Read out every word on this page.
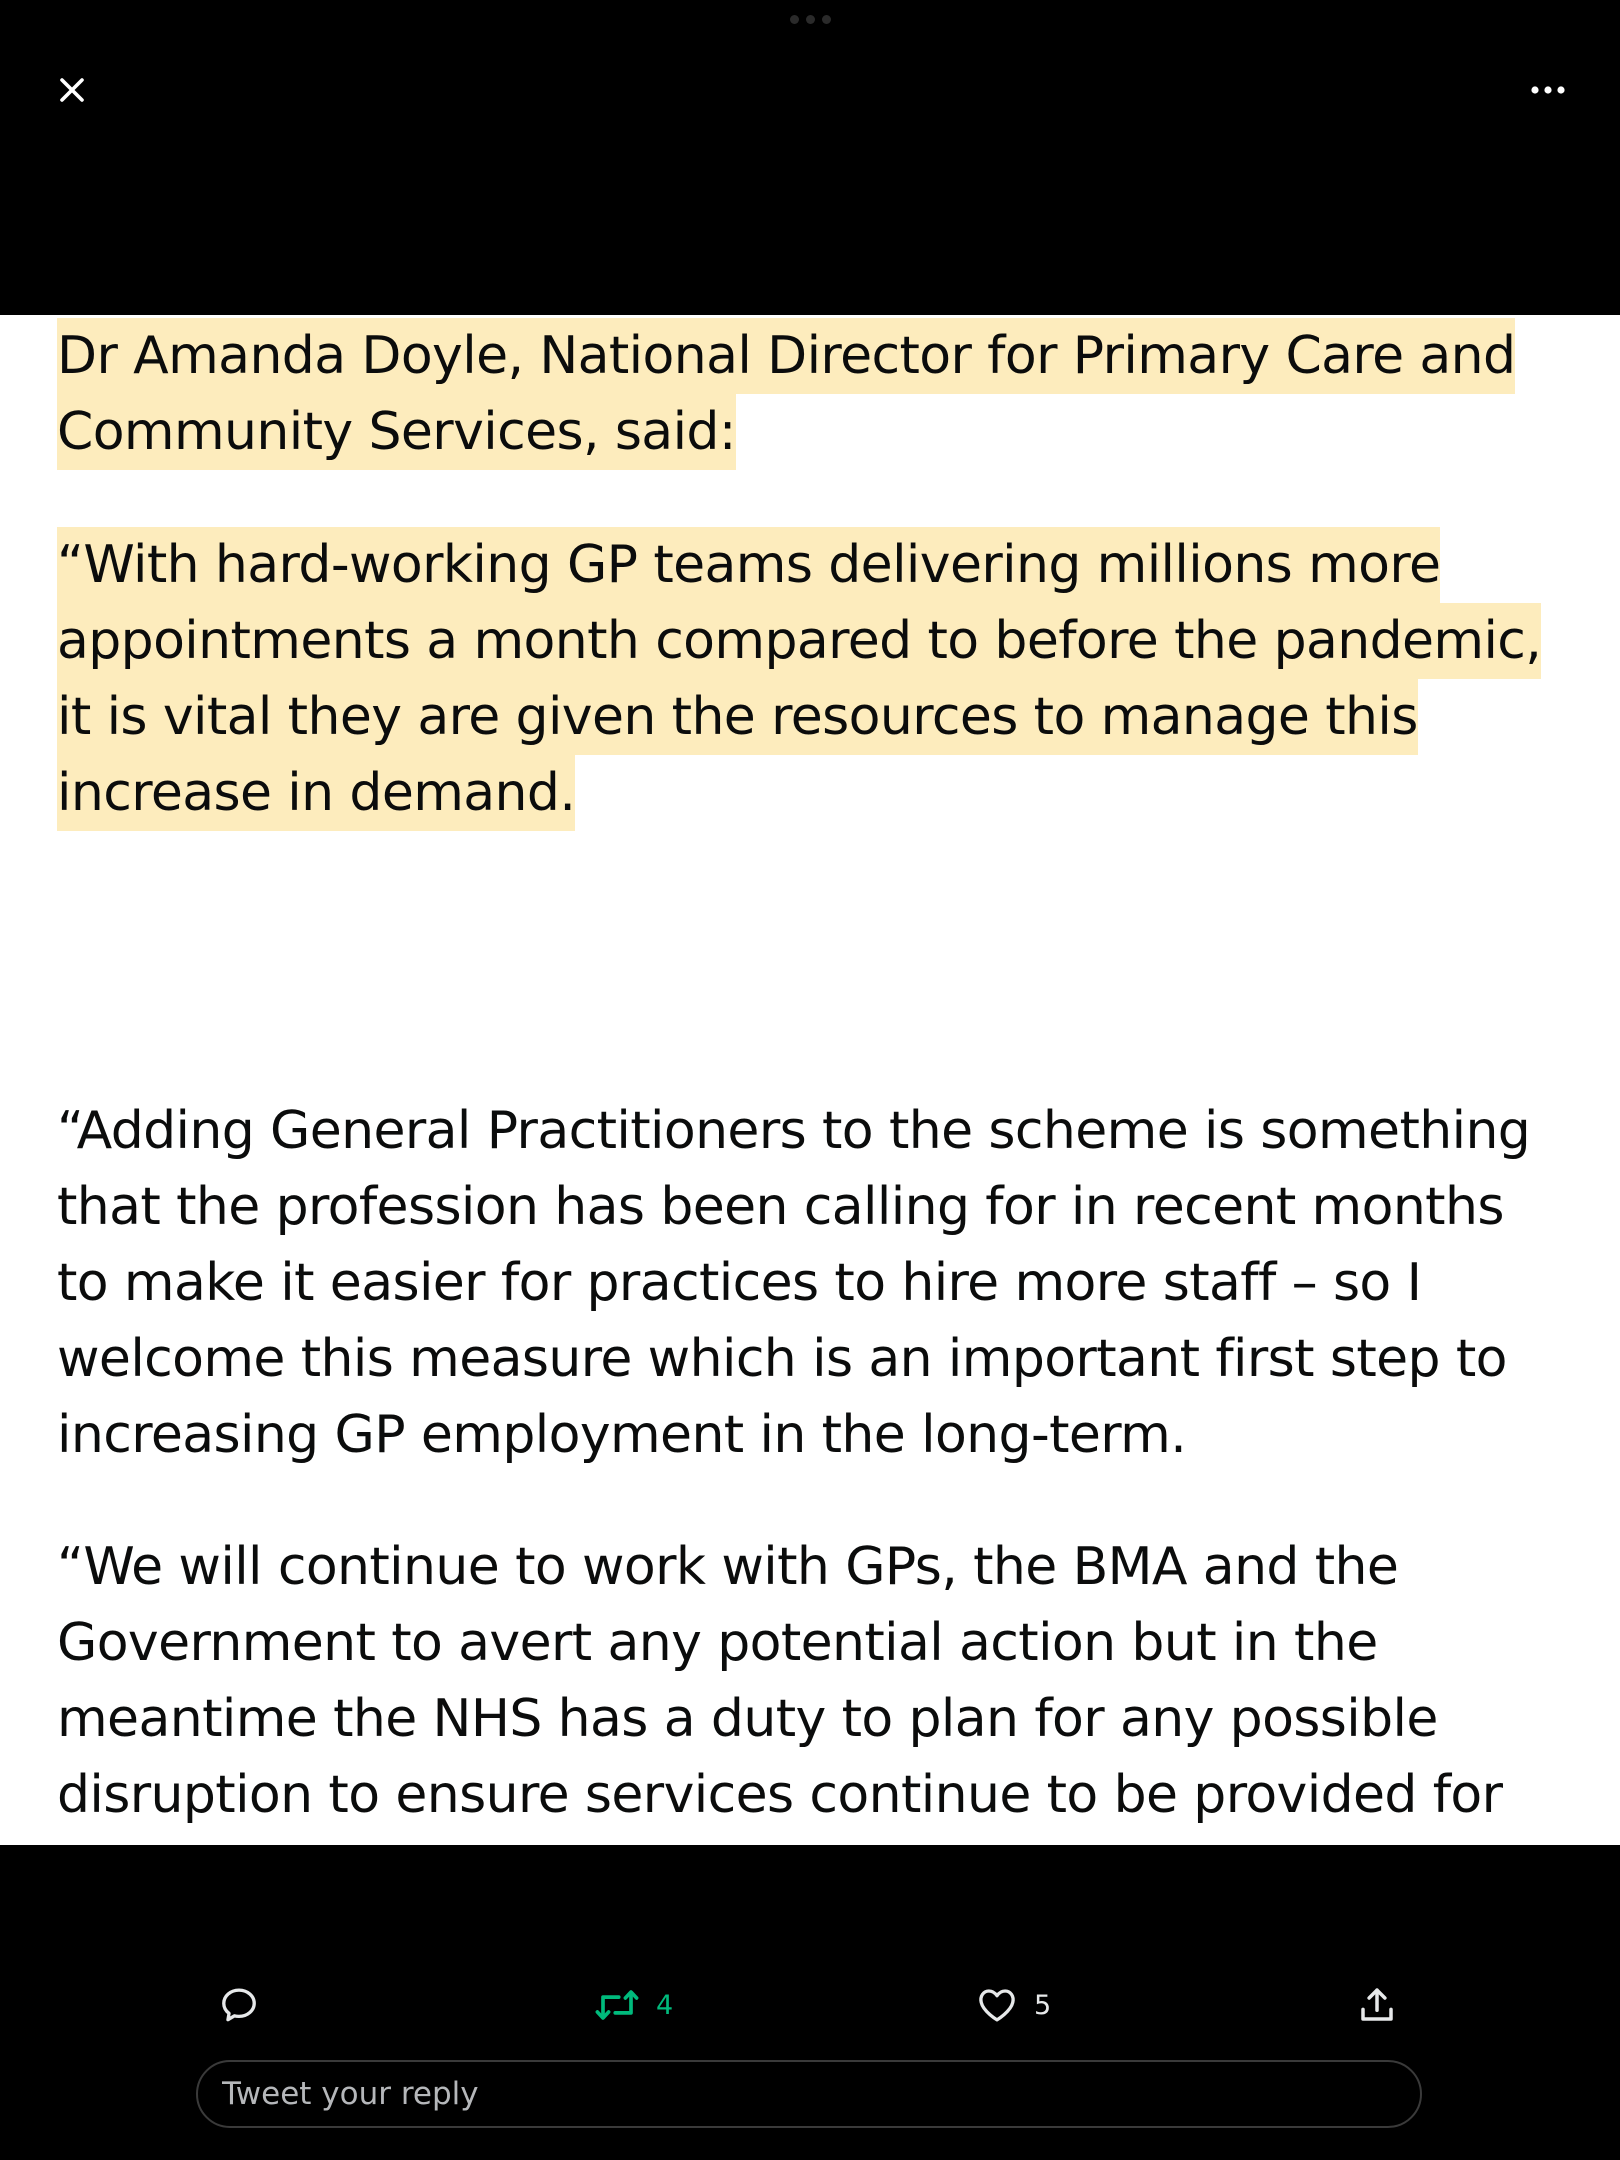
Dr Amanda Doyle, National Director for Primary Care and
Community Services, said:
“With hard-working GP teams delivering millions more
appointments a month compared to before the pandemic,
it is vital they are given the resources to manage this
increase in demand.
“Adding General Practitioners to the scheme is something
that the profession has been calling for in recent months
to make it easier for practices to hire more staff – so I
welcome this measure which is an important first step to
increasing GP employment in the long-term.
“We will continue to work with GPs, the BMA and the
Government to avert any potential action but in the
meantime the NHS has a duty to plan for any possible
disruption to ensure services continue to be provided for
4	5
Tweet your reply
